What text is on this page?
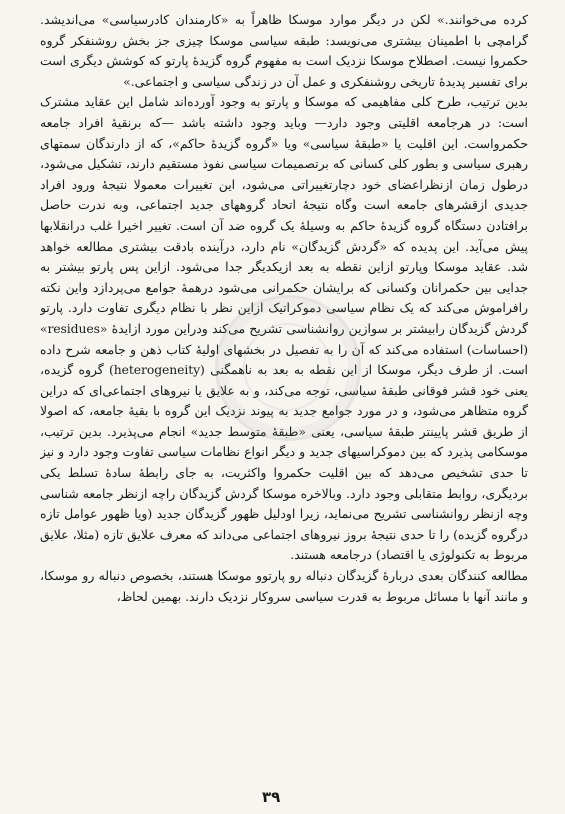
کرده می‌خوانند.» لکن در دیگر موارد موسکا ظاهراً به «کارمندان کادرسیاسی» می‌اندیشد. گرامچی با اطمینان بیشتری می‌نویسد: طبقه سیاسی موسکا چیزی جز بخش روشنفکر گروه حکمروا نیست. اصطلاح موسکا نزدیک است به مفهوم گروه گزیدهٔ پارتو که کوشش دیگری است برای تفسیر پدیدهٔ تاریخی روشنفکری و عمل آن در زندگی سیاسی و اجتماعی.»

بدین ترتیب، طرح کلی مفاهیمی که موسکا و پارتو به وجود آورده‌اند شامل این عقاید مشترک است: در هرجامعه اقلیتی وجود دارد— وباید وجود داشته باشد —که برنقیهٔ افراد جامعه حکمرواست. این اقلیت یا «طبقهٔ سیاسی» ویا «گروه گزیدهٔ حاکم»، که از دارندگان سمتهای رهبری سیاسی و بطور کلی کسانی که برتصمیمات سیاسی نفوذ مستقیم دارند، تشکیل می‌شود، درطول زمان ازنظراعضای خود دچارتغییراتی می‌شود، این تغییرات معمولا نتیجهٔ ورود افراد جدیدی ازقشرهای جامعه است وگاه نتیجهٔ اتحاد گروههای جدید اجتماعی، وبه ندرت حاصل برافتادن دستگاه گروه گزیدهٔ حاکم به وسیلهٔ یک گروه ضد آن است. تغییر اخیرا غلب درانقلابها پیش می‌آید. این پدیده که «گردش گزیدگان» نام دارد، درآینده بادقت بیشتری مطالعه خواهد شد. عقاید موسکا وپارتو ازاین نقطه به بعد ازیکدیگر جدا می‌شود. ازاین پس پارتو بیشتر به جدایی بین حکمرانان وکسانی که برایشان حکمرانی می‌شود درهمهٔ جوامع می‌پردازد واین نکته رافراموش می‌کند که یک نظام سیاسی دموکراتیک ازاین نظر با نظام دیگری تفاوت دارد. پارتو گردش گزیدگان رابیشتر بر سوازین روانشناسی تشریح می‌کند ودراین مورد ازایدهٔ «residues» (احساسات) استفاده می‌کند که آن را به تفصیل در بخشهای اولیهٔ کتاب ذهن و جامعه شرح داده است. از طرف دیگر، موسکا از این نقطه به بعد به ناهمگنی (heterogeneity) گروه گزیده، یعنی خود قشر فوقانی طبقهٔ سیاسی، توجه می‌کند، و به علایق یا نیروهای اجتماعی‌ای که دراین گروه متظاهر می‌شود، و در مورد جوامع جدید به پیوند نزدیک این گروه با بقیهٔ جامعه، که اصولا از طریق قشر پایینتر طبقهٔ سیاسی، یعنی «طبقهٔ متوسط جدید» انجام می‌پذیرد. بدین ترتیب، موسکامی پذیرد که بین دموکراسیهای جدید و دیگر انواع نظامات سیاسی تفاوت وجود دارد و نیز تا حدی تشخیص می‌دهد که بین اقلیت حکمروا واکثریت، به جای رابطهٔ سادهٔ تسلط یکی بردیگری، روابط متقابلی وجود دارد. وبالاخره موسکا گردش گزیدگان راچه ازنظر جامعه شناسی وچه ازنظر روانشناسی تشریح می‌نماید، زیرا اودلیل ظهور گزیدگان جدید (ویا ظهور عوامل تازه درگروه گزیده) را تا حدی نتیجهٔ بروز نیروهای اجتماعی می‌داند که معرف علایق تازه (مثلا، علایق مربوط به تکنولوژی یا اقتصاد) درجامعه هستند.

مطالعه کنندگان بعدی دربارهٔ گزیدگان دنباله رو پارتوو موسکا هستند، بخصوص دنباله رو موسکا، و مانند آنها با مسائل مربوط به قدرت سیاسی سروکار نزدیک دارند. بهمین لحاظ،

۳۹
